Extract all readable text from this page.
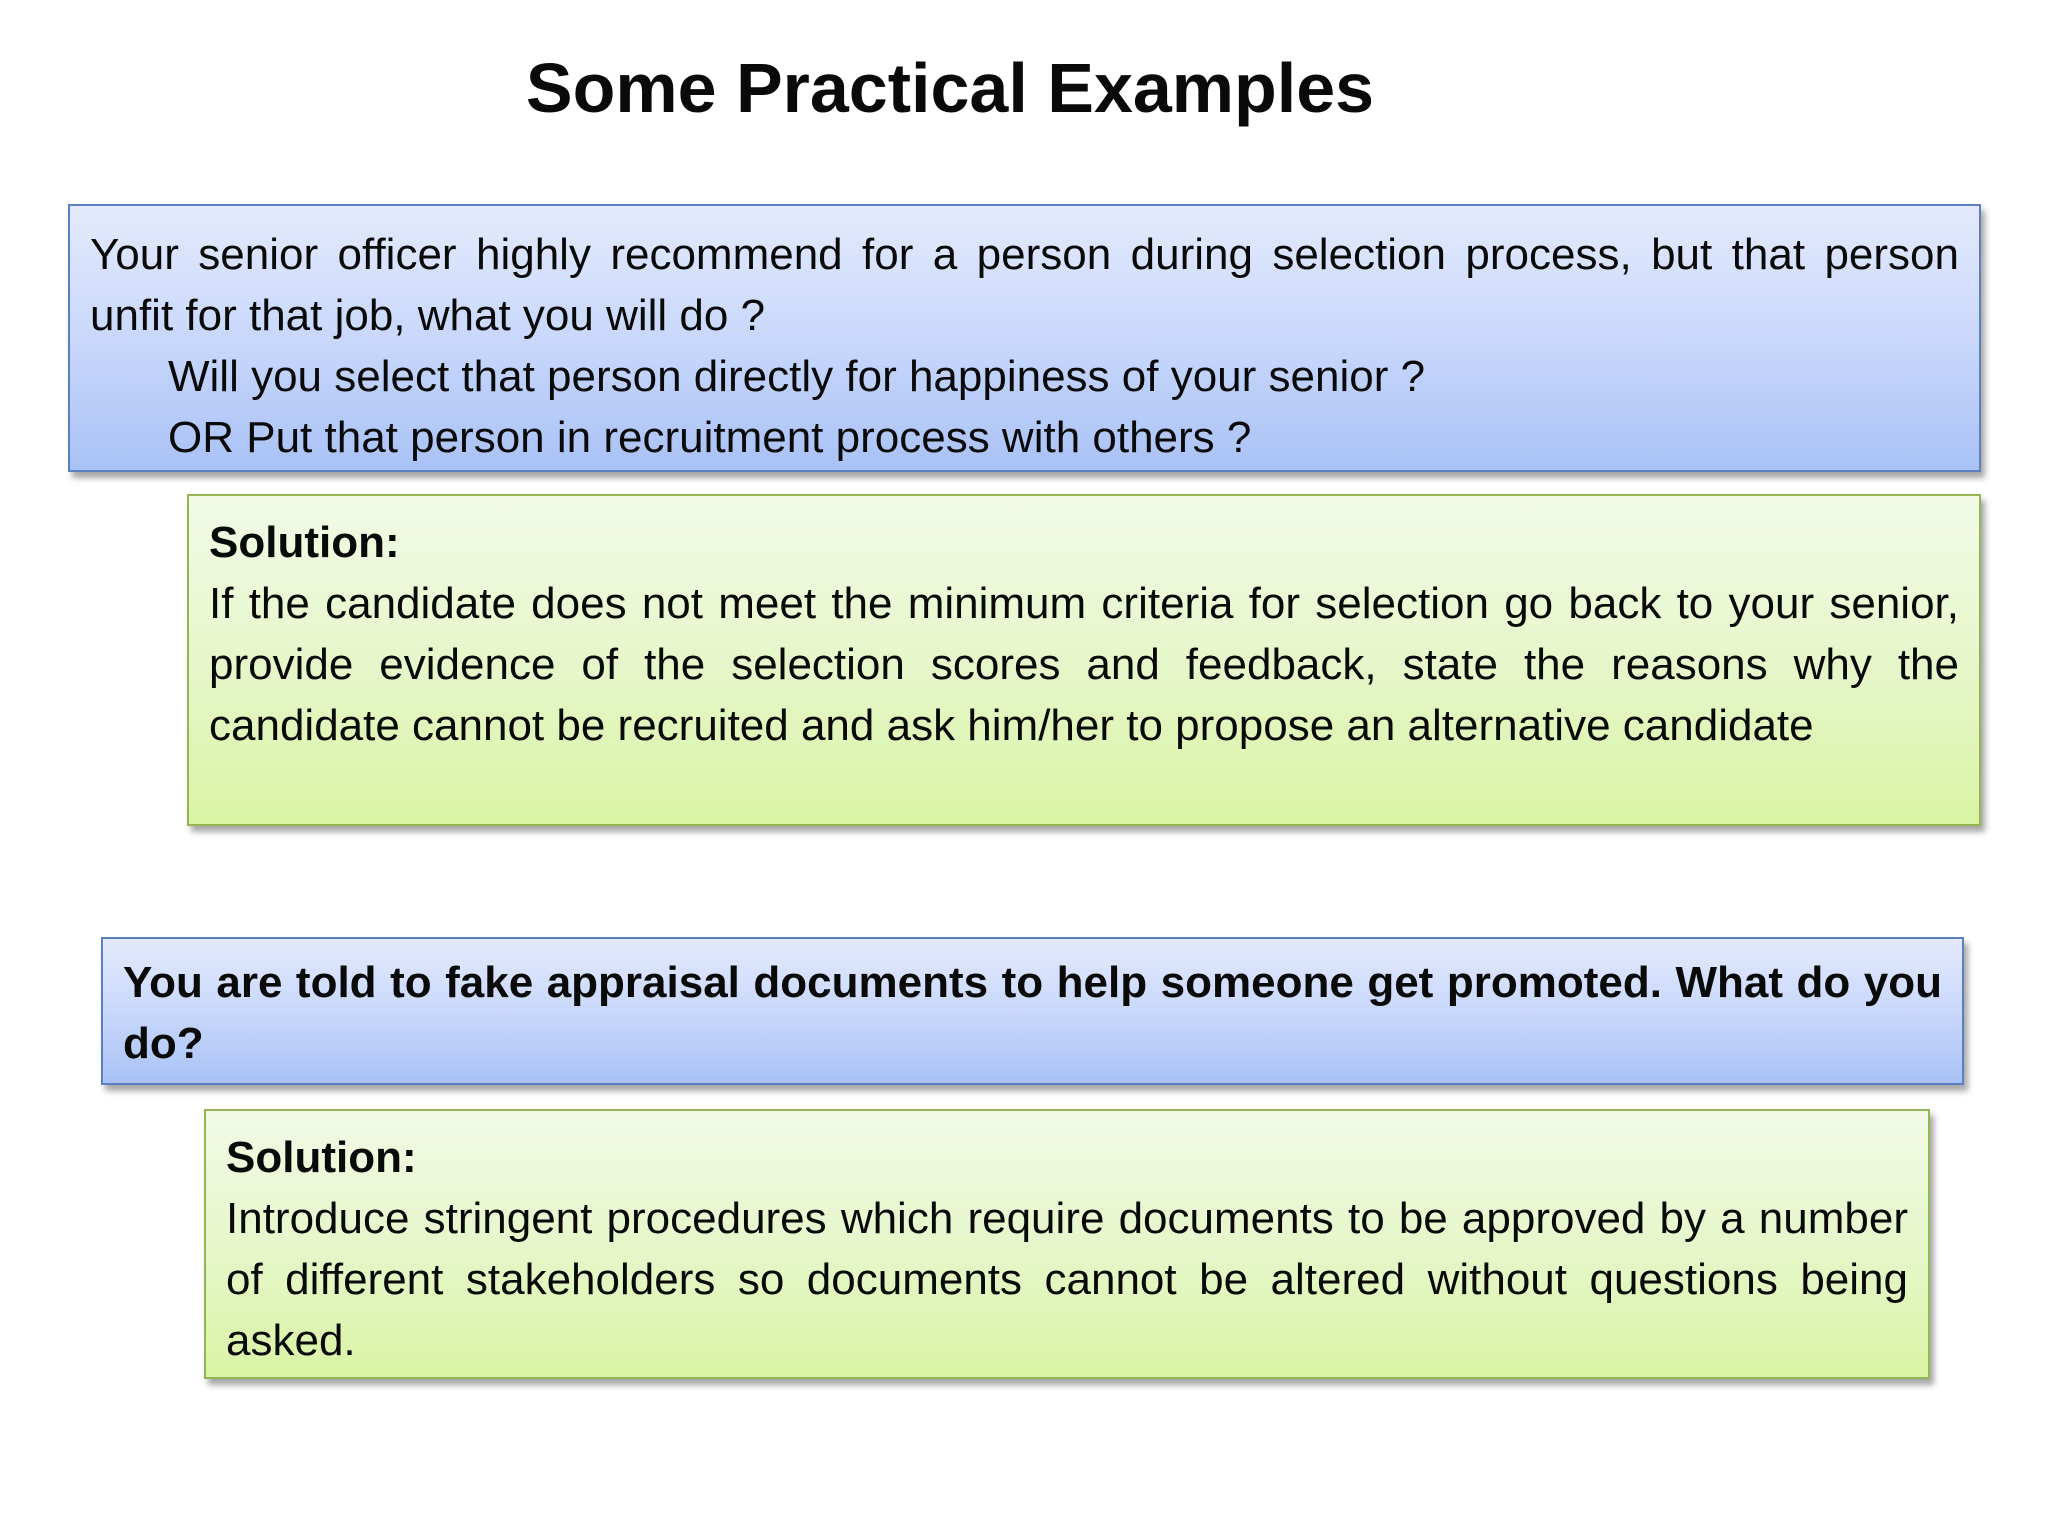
Some Practical Examples
Your senior officer highly recommend for a person during selection process, but that person unfit for that job, what you will do ?
Will you select that person directly for happiness of your senior ?
OR Put that person in recruitment process with others ?
Solution:
If the candidate does not meet the minimum criteria for selection go back to your senior, provide evidence of the selection scores and feedback, state the reasons why the candidate cannot be recruited and ask him/her to propose an alternative candidate
You are told to fake appraisal documents to help someone get promoted. What do you do?
Solution:
Introduce stringent procedures which require documents to be approved by a number of different stakeholders so documents cannot be altered without questions being asked.
